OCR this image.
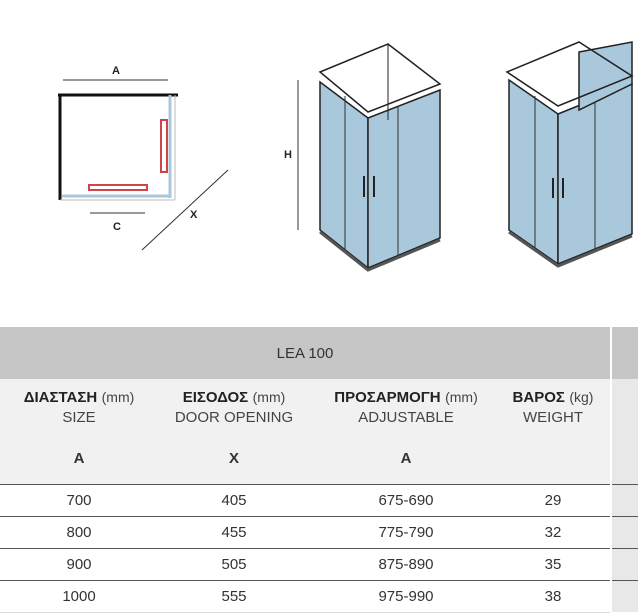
A
C
X
H
LEA 100
ΔΙΑΣΤΑΣΗ (mm)
SIZE
ΕΙΣΟΔΟΣ (mm)
DOOR OPENING
ΠΡΟΣΑΡΜΟΓΗ (mm)
ADJUSTABLE
ΒΑΡΟΣ (kg)
WEIGHT
A	X	A
700	405	675-690	29
800	455	775-790	32
900	505	875-890	35
1000	555	975-990	38
